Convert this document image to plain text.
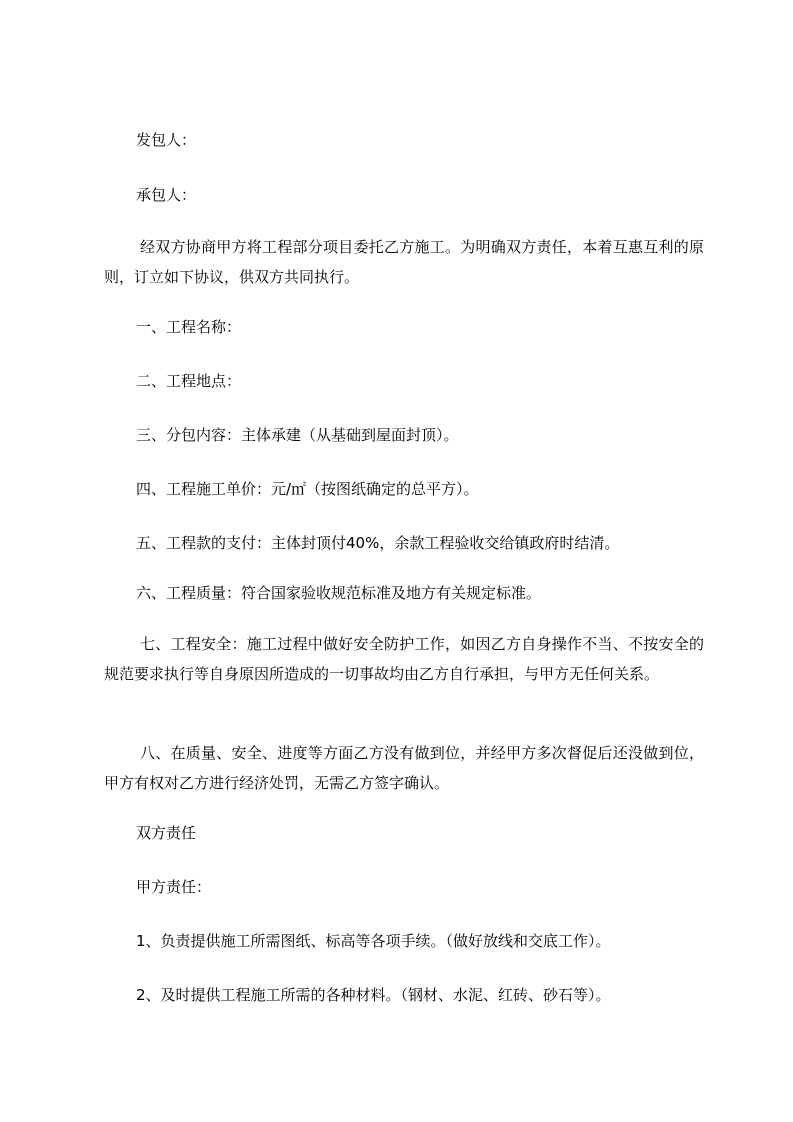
发包人：

承包人：

经双方协商甲方将工程部分项目委托乙方施工。为明确双方责任，本着互惠互利的原则，订立如下协议，供双方共同执行。

一、工程名称：

二、工程地点：

三、分包内容：主体承建（从基础到屋面封顶）。

四、工程施工单价：元/㎡（按图纸确定的总平方）。

五、工程款的支付：主体封顶付40%，余款工程验收交给镇政府时结清。

六、工程质量：符合国家验收规范标准及地方有关规定标准。

七、工程安全：施工过程中做好安全防护工作，如因乙方自身操作不当、不按安全的规范要求执行等自身原因所造成的一切事故均由乙方自行承担，与甲方无任何关系。

八、在质量、安全、进度等方面乙方没有做到位，并经甲方多次督促后还没做到位，甲方有权对乙方进行经济处罚，无需乙方签字确认。

双方责任

甲方责任：

1、负责提供施工所需图纸、标高等各项手续。（做好放线和交底工作）。

2、及时提供工程施工所需的各种材料。（钢材、水泥、红砖、砂石等）。
